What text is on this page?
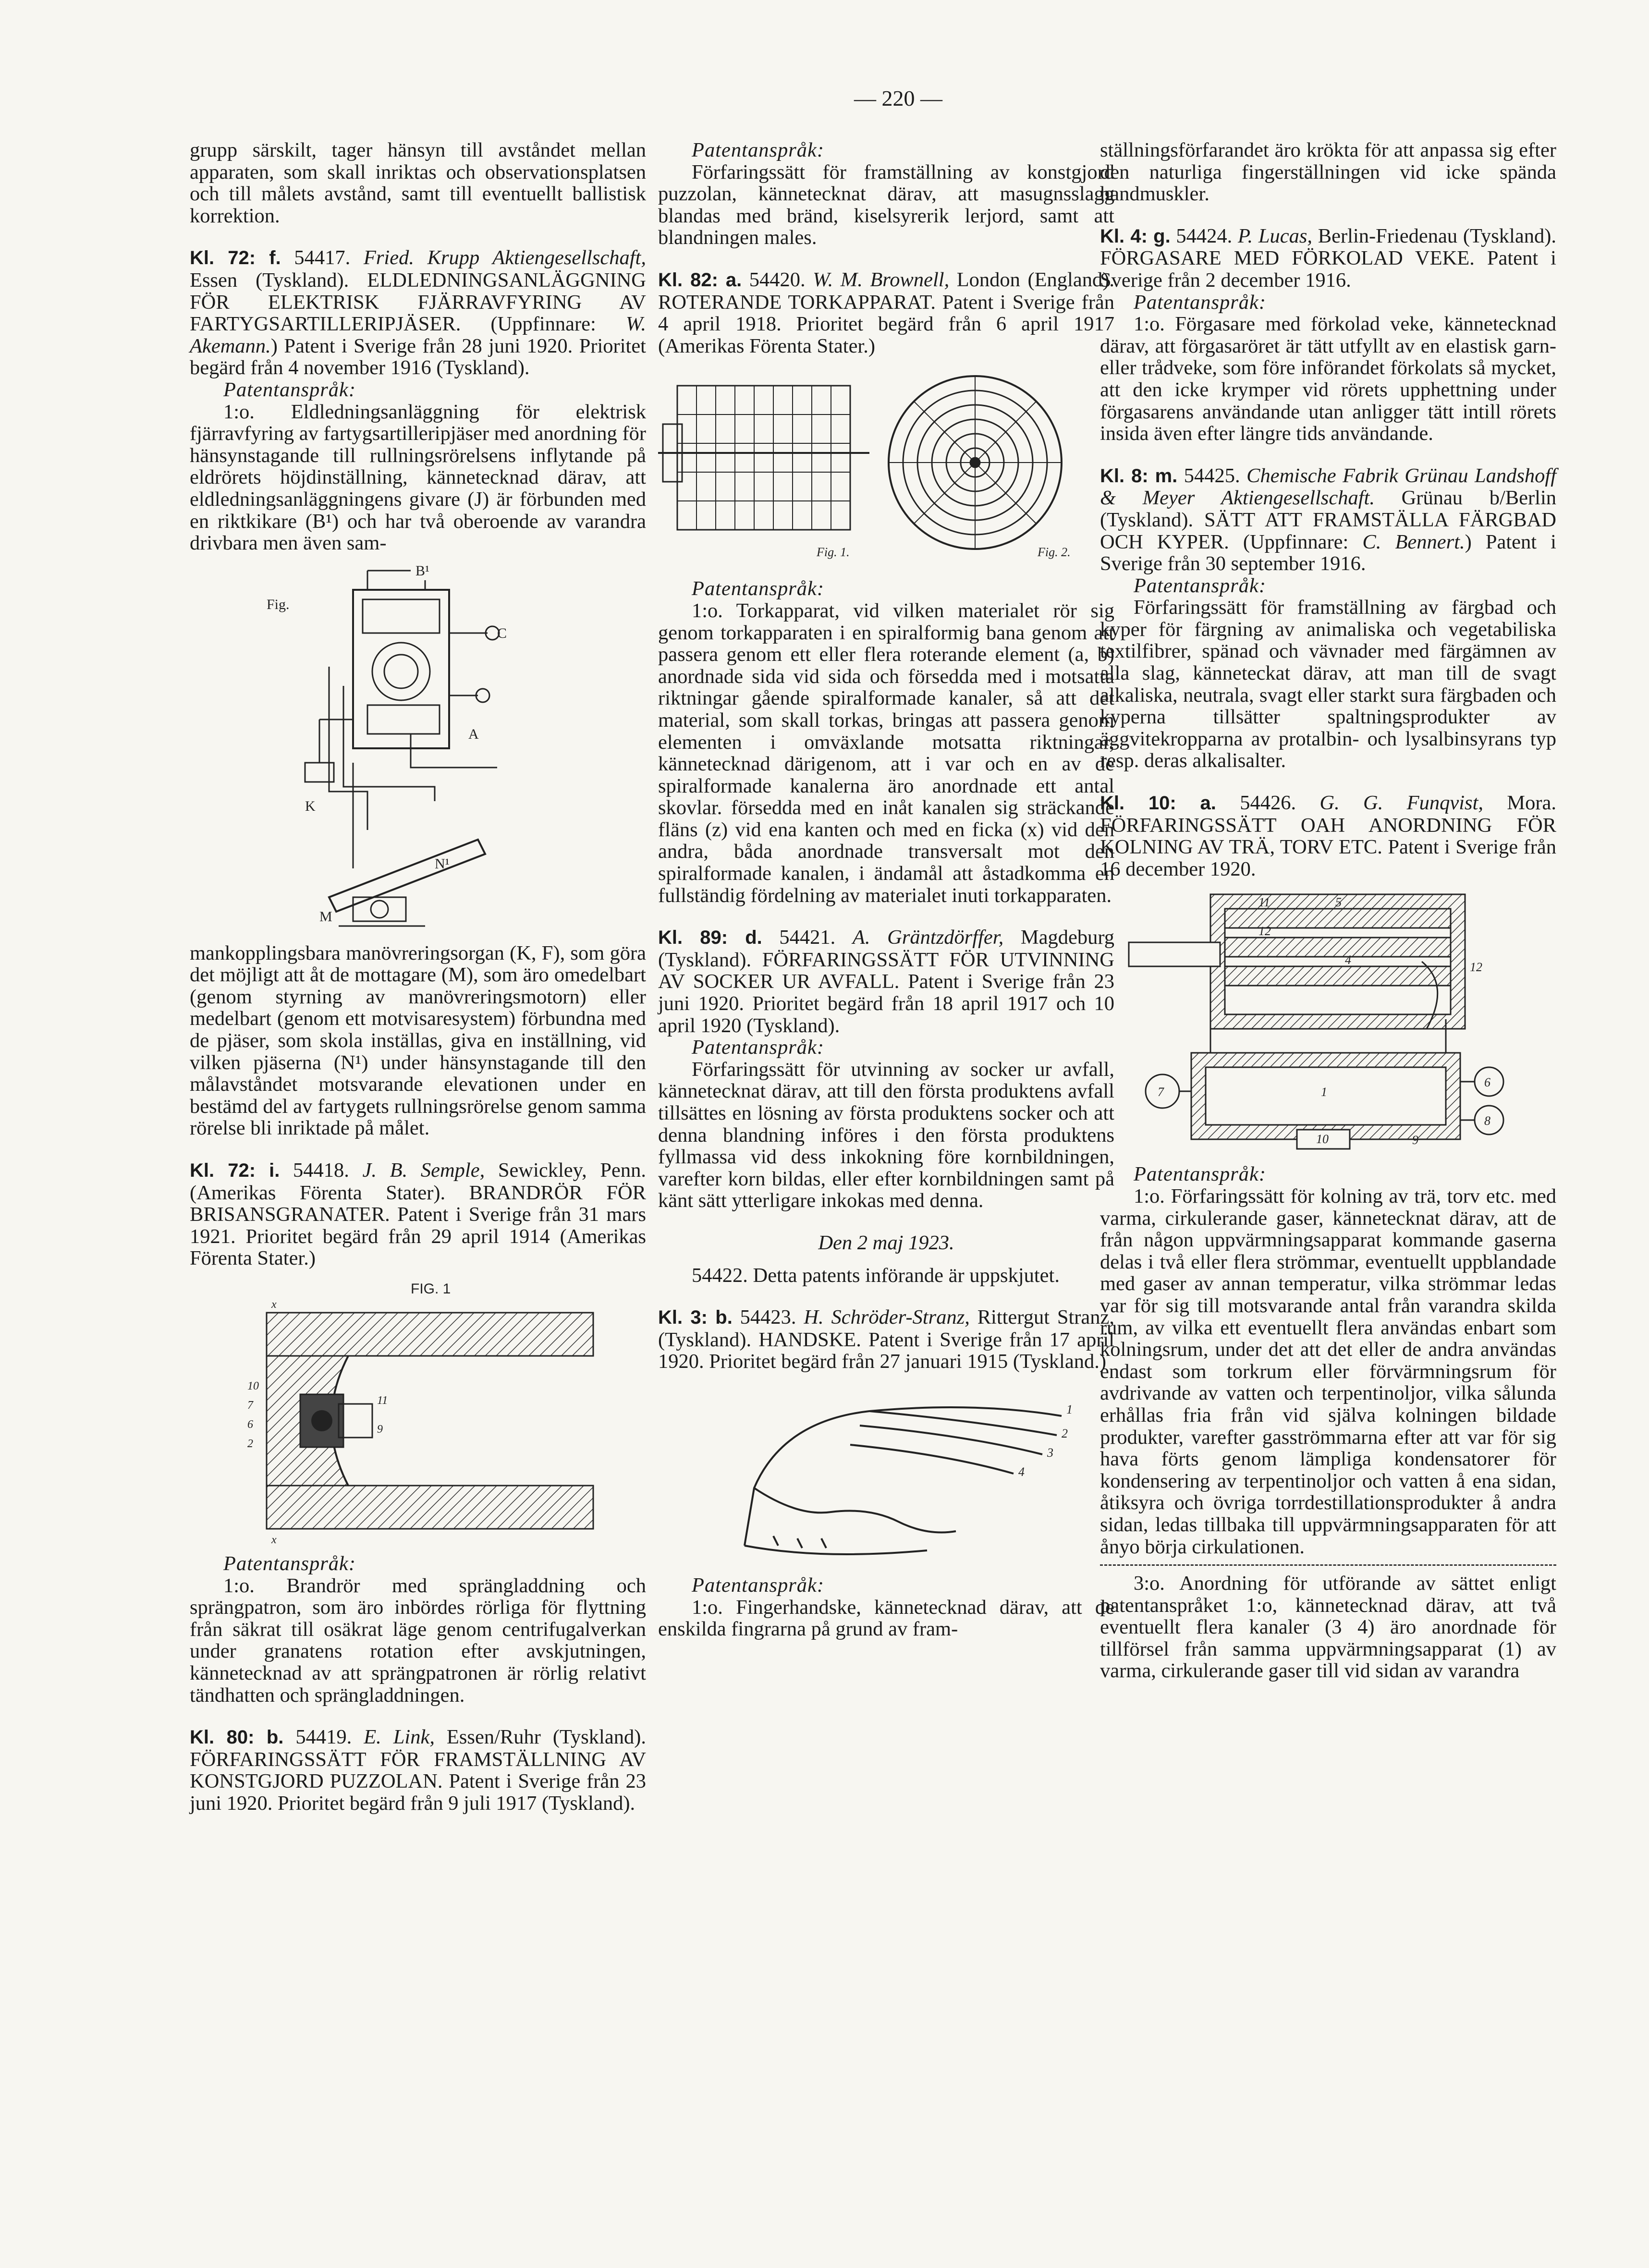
— 220 —

grupp särskilt, tager hänsyn till avståndet mellan apparaten, som skall inriktas och observationsplatsen och till målets avstånd, samt till eventuellt ballistisk korrektion.

Kl. 72: f. 54417. Fried. Krupp Aktiengesellschaft, Essen (Tyskland). ELDLEDNINGSANLÄGGNING FÖR ELEKTRISK FJÄRRAVFYRING AV FARTYGSARTILLERIPJÄSER. (Uppfinnare: W. Akemann.) Patent i Sverige från 28 juni 1920. Prioritet begärd från 4 november 1916 (Tyskland).

Patentanspråk:

1:o. Eldledningsanläggning för elektrisk fjärravfyring av fartygsartilleripjäser med anordning för hänsynstagande till rullningsrörelsens inflytande på eldrörets höjdinställning, kännetecknad därav, att eldledningsanläggningens givare (J) är förbunden med en riktkikare (B¹) och har två oberoende av varandra drivbara men även sam-

B¹
Fig.
C
A
K
N¹
M

mankopplingsbara manövreringsorgan (K, F), som göra det möjligt att åt de mottagare (M), som äro omedelbart (genom styrning av manövreringsmotorn) eller medelbart (genom ett motvisaresystem) förbundna med de pjäser, som skola inställas, giva en inställning, vid vilken pjäserna (N¹) under hänsynstagande till den målavståndet motsvarande elevationen under en bestämd del av fartygets rullningsrörelse genom samma rörelse bli inriktade på målet.

Kl. 72: i. 54418. J. B. Semple, Sewickley, Penn. (Amerikas Förenta Stater). BRANDRÖR FÖR BRISANSGRANATER. Patent i Sverige från 31 mars 1921. Prioritet begärd från 29 april 1914 (Amerikas Förenta Stater.)

FIG. 1
10
7
6
2
11
9
x
x

Patentanspråk:

1:o. Brandrör med sprängladdning och sprängpatron, som äro inbördes rörliga för flyttning från säkrat till osäkrat läge genom centrifugalverkan under granatens rotation efter avskjutningen, kännetecknad av att sprängpatronen är rörlig relativt tändhatten och sprängladdningen.

Kl. 80: b. 54419. E. Link, Essen/Ruhr (Tyskland). FÖRFARINGSSÄTT FÖR FRAMSTÄLLNING AV KONSTGJORD PUZZOLAN. Patent i Sverige från 23 juni 1920. Prioritet begärd från 9 juli 1917 (Tyskland).

Patentanspråk:

Förfaringssätt för framställning av konstgjord puzzolan, kännetecknat därav, att masugnsslagg blandas med bränd, kiselsyrerik lerjord, samt att blandningen males.

Kl. 82: a. 54420. W. M. Brownell, London (England). ROTERANDE TORKAPPARAT. Patent i Sverige från 4 april 1918. Prioritet begärd från 6 april 1917 (Amerikas Förenta Stater.)

Fig. 1.	Fig. 2.

Patentanspråk:

1:o. Torkapparat, vid vilken materialet rör sig genom torkapparaten i en spiralformig bana genom att passera genom ett eller flera roterande element (a, b) anordnade sida vid sida och försedda med i motsatta riktningar gående spiralformade kanaler, så att det material, som skall torkas, bringas att passera genom elementen i omväxlande motsatta riktningar, kännetecknad därigenom, att i var och en av de spiralformade kanalerna äro anordnade ett antal skovlar. försedda med en inåt kanalen sig sträckande fläns (z) vid ena kanten och med en ficka (x) vid den andra, båda anordnade transversalt mot den spiralformade kanalen, i ändamål att åstadkomma en fullständig fördelning av materialet inuti torkapparaten.

Kl. 89: d. 54421. A. Gräntzdörffer, Magdeburg (Tyskland). FÖRFARINGSSÄTT FÖR UTVINNING AV SOCKER UR AVFALL. Patent i Sverige från 23 juni 1920. Prioritet begärd från 18 april 1917 och 10 april 1920 (Tyskland).

Patentanspråk:

Förfaringssätt för utvinning av socker ur avfall, kännetecknat därav, att till den första produktens avfall tillsättes en lösning av första produktens socker och att denna blandning införes i den första produktens fyllmassa vid dess inkokning före kornbildningen, varefter korn bildas, eller efter kornbildningen samt på känt sätt ytterligare inkokas med denna.

Den 2 maj 1923.

54422. Detta patents införande är uppskjutet.

Kl. 3: b. 54423. H. Schröder-Stranz, Rittergut Stranz, (Tyskland). HANDSKE. Patent i Sverige från 17 april 1920. Prioritet begärd från 27 januari 1915 (Tyskland.)

1
2
3
4

Patentanspråk:

1:o. Fingerhandske, kännetecknad därav, att de enskilda fingrarna på grund av fram-

ställningsförfarandet äro krökta för att anpassa sig efter den naturliga fingerställningen vid icke spända handmuskler.

Kl. 4: g. 54424. P. Lucas, Berlin-Friedenau (Tyskland). FÖRGASARE MED FÖRKOLAD VEKE. Patent i Sverige från 2 december 1916.

Patentanspråk:

1:o. Förgasare med förkolad veke, kännetecknad därav, att förgasaröret är tätt utfyllt av en elastisk garn- eller trådveke, som före införandet förkolats så mycket, att den icke krymper vid rörets upphettning under förgasarens användande utan anligger tätt intill rörets insida även efter längre tids användande.

Kl. 8: m. 54425. Chemische Fabrik Grünau Landshoff & Meyer Aktiengesellschaft. Grünau b/Berlin (Tyskland). SÄTT ATT FRAMSTÄLLA FÄRGBAD OCH KYPER. (Uppfinnare: C. Bennert.) Patent i Sverige från 30 september 1916.

Patentanspråk:

Förfaringssätt för framställning av färgbad och kyper för färgning av animaliska och vegetabiliska textilfibrer, spänad och vävnader med färgämnen av alla slag, känneteckat därav, att man till de svagt alkaliska, neutrala, svagt eller starkt sura färgbaden och kyperna tillsätter spaltningsprodukter av äggvitekropparna av protalbin- och lysalbinsyrans typ resp. deras alkalisalter.

Kl. 10: a. 54426. G. G. Funqvist, Mora. FÖRFARINGSSÄTT OAH ANORDNING FÖR KOLNING AV TRÄ, TORV ETC. Patent i Sverige från 16 december 1920.

11	5
12
4
7
6
8
1
10
12
9

Patentanspråk:

1:o. Förfaringssätt för kolning av trä, torv etc. med varma, cirkulerande gaser, kännetecknat därav, att de från någon uppvärmningsapparat kommande gaserna delas i två eller flera strömmar, eventuellt uppblandade med gaser av annan temperatur, vilka strömmar ledas var för sig till motsvarande antal från varandra skilda rum, av vilka ett eventuellt flera användas enbart som kolningsrum, under det att det eller de andra användas endast som torkrum eller förvärmningsrum för avdrivande av vatten och terpentinoljor, vilka sålunda erhållas fria från vid själva kolningen bildade produkter, varefter gasströmmarna efter att var för sig hava förts genom lämpliga kondensatorer för kondensering av terpentinoljor och vatten å ena sidan, åtiksyra och övriga torrdestillationsprodukter å andra sidan, ledas tillbaka till uppvärmningsapparaten för att ånyo börja cirkulationen.

3:o. Anordning för utförande av sättet enligt patentanspråket 1:o, kännetecknad därav, att två eventuellt flera kanaler (3 4) äro anordnade för tillförsel från samma uppvärmningsapparat (1) av varma, cirkulerande gaser till vid sidan av varandra
